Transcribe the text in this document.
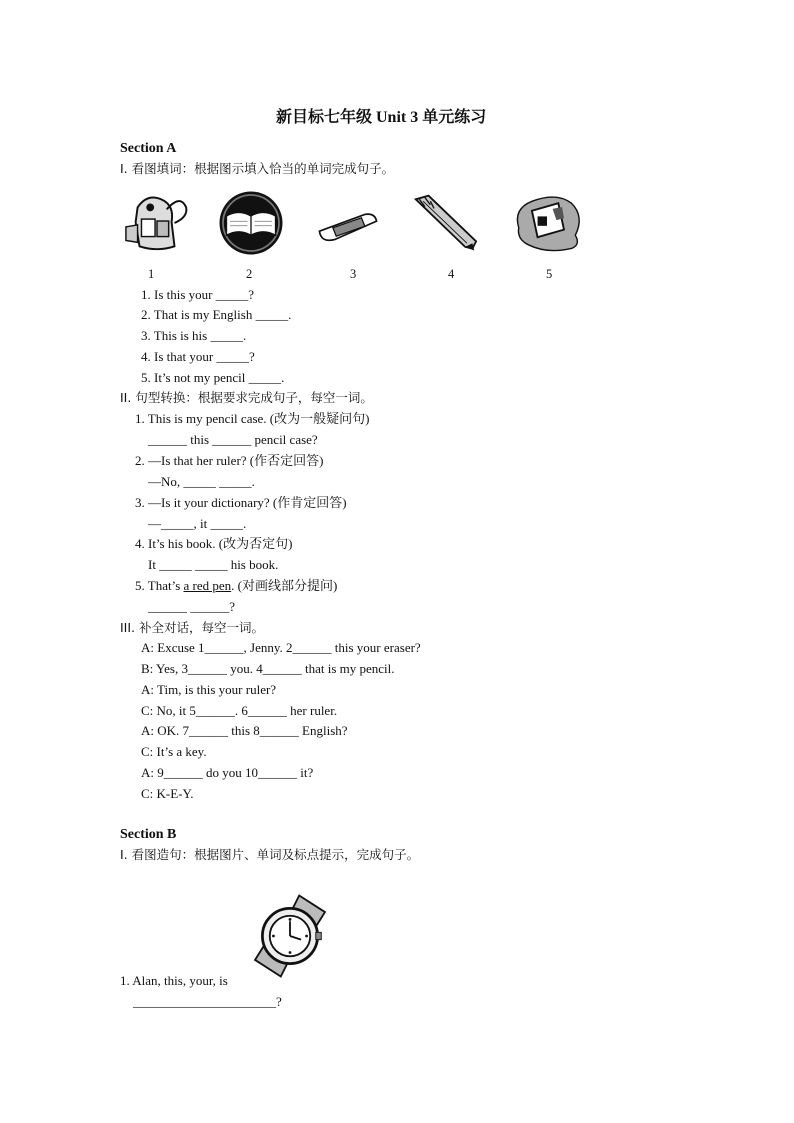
新目标七年级 Unit 3 单元练习
Section A
Ⅰ. 看图填词：根据图示填入恰当的单词完成句子。
1	2	3	4	5
1. Is this your _____?
2. That is my English _____.
3. This is his _____.
4. Is that your _____?
5. It’s not my pencil _____.
II. 句型转换：根据要求完成句子，每空一词。
1. This is my pencil case. (改为一般疑问句)
______ this ______ pencil case?
2. —Is that her ruler? (作否定回答)
—No, _____ _____.
3. —Is it your dictionary? (作肯定回答)
—_____, it _____.
4. It’s his book. (改为否定句)
It _____ _____ his book.
5. That’s a red pen. (对画线部分提问)
______ ______?
III. 补全对话，每空一词。
A: Excuse 1______, Jenny. 2______ this your eraser?
B: Yes, 3______ you. 4______ that is my pencil.
A: Tim, is this your ruler?
C: No, it 5______. 6______ her ruler.
A: OK. 7______ this 8______ English?
C: It’s a key.
A: 9______ do you 10______ it?
C: K-E-Y.
Section B
Ⅰ. 看图造句：根据图片、单词及标点提示，完成句子。
1. Alan, this, your, is
______________________?
